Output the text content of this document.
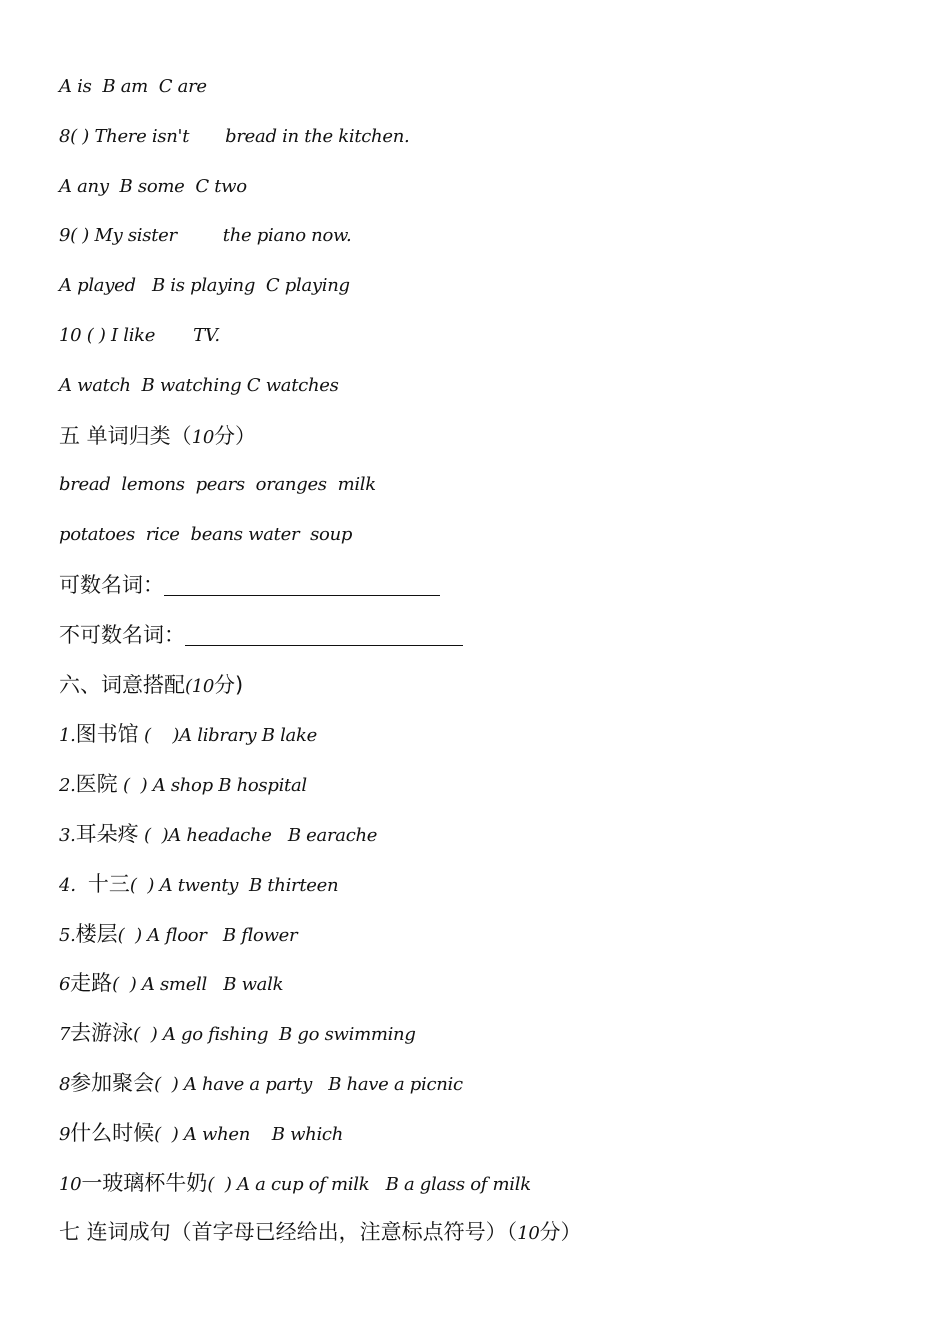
A is  B am  C are
8( ) There isn't bread in the kitchen.
A any  B some  C two
9( ) My sister	the piano now.
A played   B is playing  C playing
10 ( ) I like TV.
A watch  B watching C watches
五 单词归类（10分）
bread  lemons  pears  oranges  milk
potatoes  rice  beans water  soup
可数名词：
不可数名词：
六、词意搭配(10分)
1.图书馆 (    )A library B lake
2.医院 (  ) A shop B hospital
3.耳朵疼 (  )A headache   B earache
4．十三(  ) A twenty  B thirteen
5.楼层(  ) A floor   B flower
6走路(  ) A smell   B walk
7去游泳(  ) A go fishing  B go swimming
8参加聚会(  ) A have a party   B have a picnic
9什么时候(  ) A when    B which
10一玻璃杯牛奶(  ) A a cup of milk   B a glass of milk
七 连词成句（首字母已经给出，注意标点符号）（10分）
